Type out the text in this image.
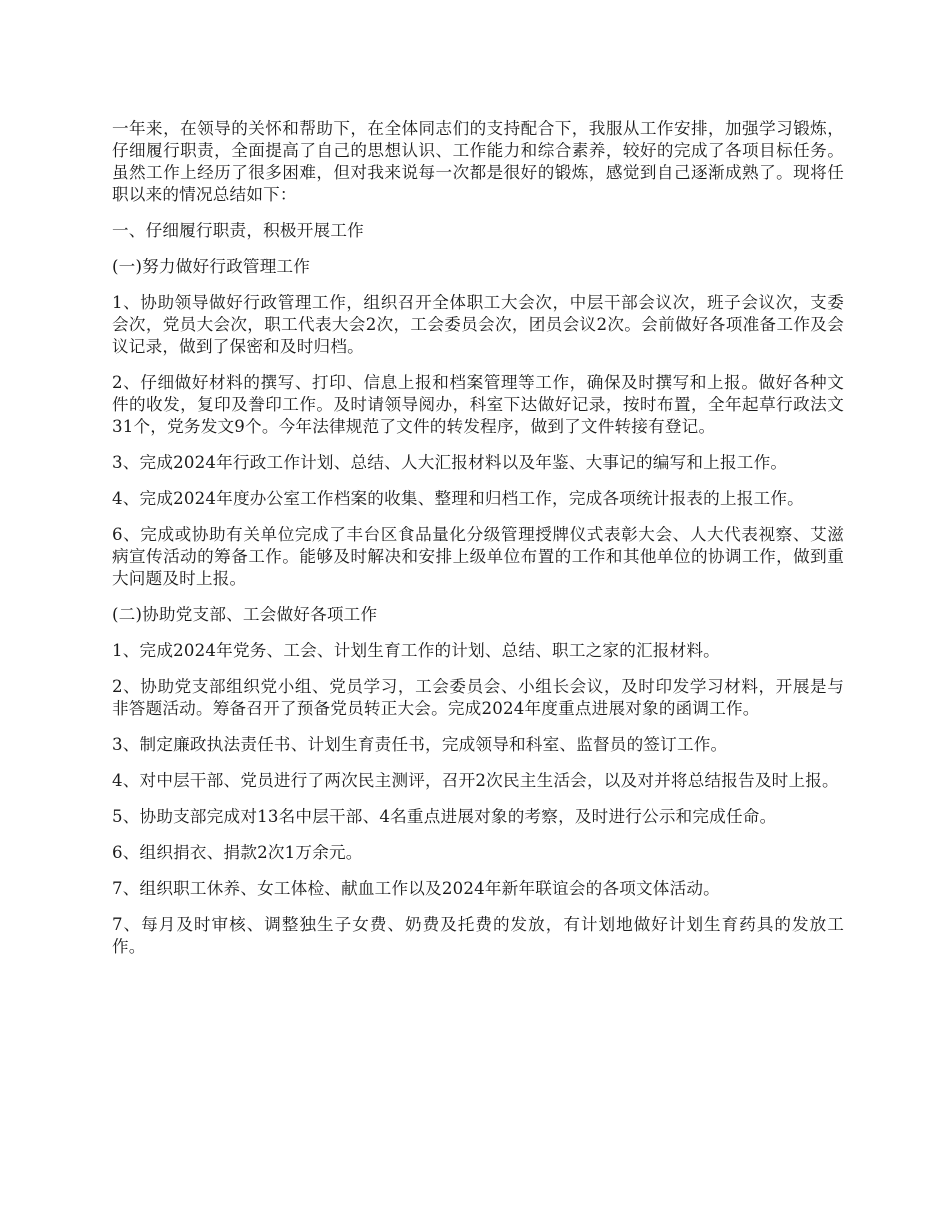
一年来，在领导的关怀和帮助下，在全体同志们的支持配合下，我服从工作安排，加强学习锻炼，仔细履行职责，全面提高了自己的思想认识、工作能力和综合素养，较好的完成了各项目标任务。虽然工作上经历了很多困难，但对我来说每一次都是很好的锻炼，感觉到自己逐渐成熟了。现将任职以来的情况总结如下：

一、仔细履行职责，积极开展工作

(一)努力做好行政管理工作

1、协助领导做好行政管理工作，组织召开全体职工大会次，中层干部会议次，班子会议次，支委会次，党员大会次，职工代表大会2次，工会委员会次，团员会议2次。会前做好各项准备工作及会议记录，做到了保密和及时归档。

2、仔细做好材料的撰写、打印、信息上报和档案管理等工作，确保及时撰写和上报。做好各种文件的收发，复印及誊印工作。及时请领导阅办，科室下达做好记录，按时布置，全年起草行政法文31个，党务发文9个。今年法律规范了文件的转发程序，做到了文件转接有登记。

3、完成2024年行政工作计划、总结、人大汇报材料以及年鉴、大事记的编写和上报工作。

4、完成2024年度办公室工作档案的收集、整理和归档工作，完成各项统计报表的上报工作。

6、完成或协助有关单位完成了丰台区食品量化分级管理授牌仪式表彰大会、人大代表视察、艾滋病宣传活动的筹备工作。能够及时解决和安排上级单位布置的工作和其他单位的协调工作，做到重大问题及时上报。

(二)协助党支部、工会做好各项工作

1、完成2024年党务、工会、计划生育工作的计划、总结、职工之家的汇报材料。

2、协助党支部组织党小组、党员学习，工会委员会、小组长会议，及时印发学习材料，开展是与非答题活动。筹备召开了预备党员转正大会。完成2024年度重点进展对象的函调工作。

3、制定廉政执法责任书、计划生育责任书，完成领导和科室、监督员的签订工作。

4、对中层干部、党员进行了两次民主测评，召开2次民主生活会，以及对并将总结报告及时上报。

5、协助支部完成对13名中层干部、4名重点进展对象的考察，及时进行公示和完成任命。

6、组织捐衣、捐款2次1万余元。

7、组织职工休养、女工体检、献血工作以及2024年新年联谊会的各项文体活动。

7、每月及时审核、调整独生子女费、奶费及托费的发放，有计划地做好计划生育药具的发放工作。
